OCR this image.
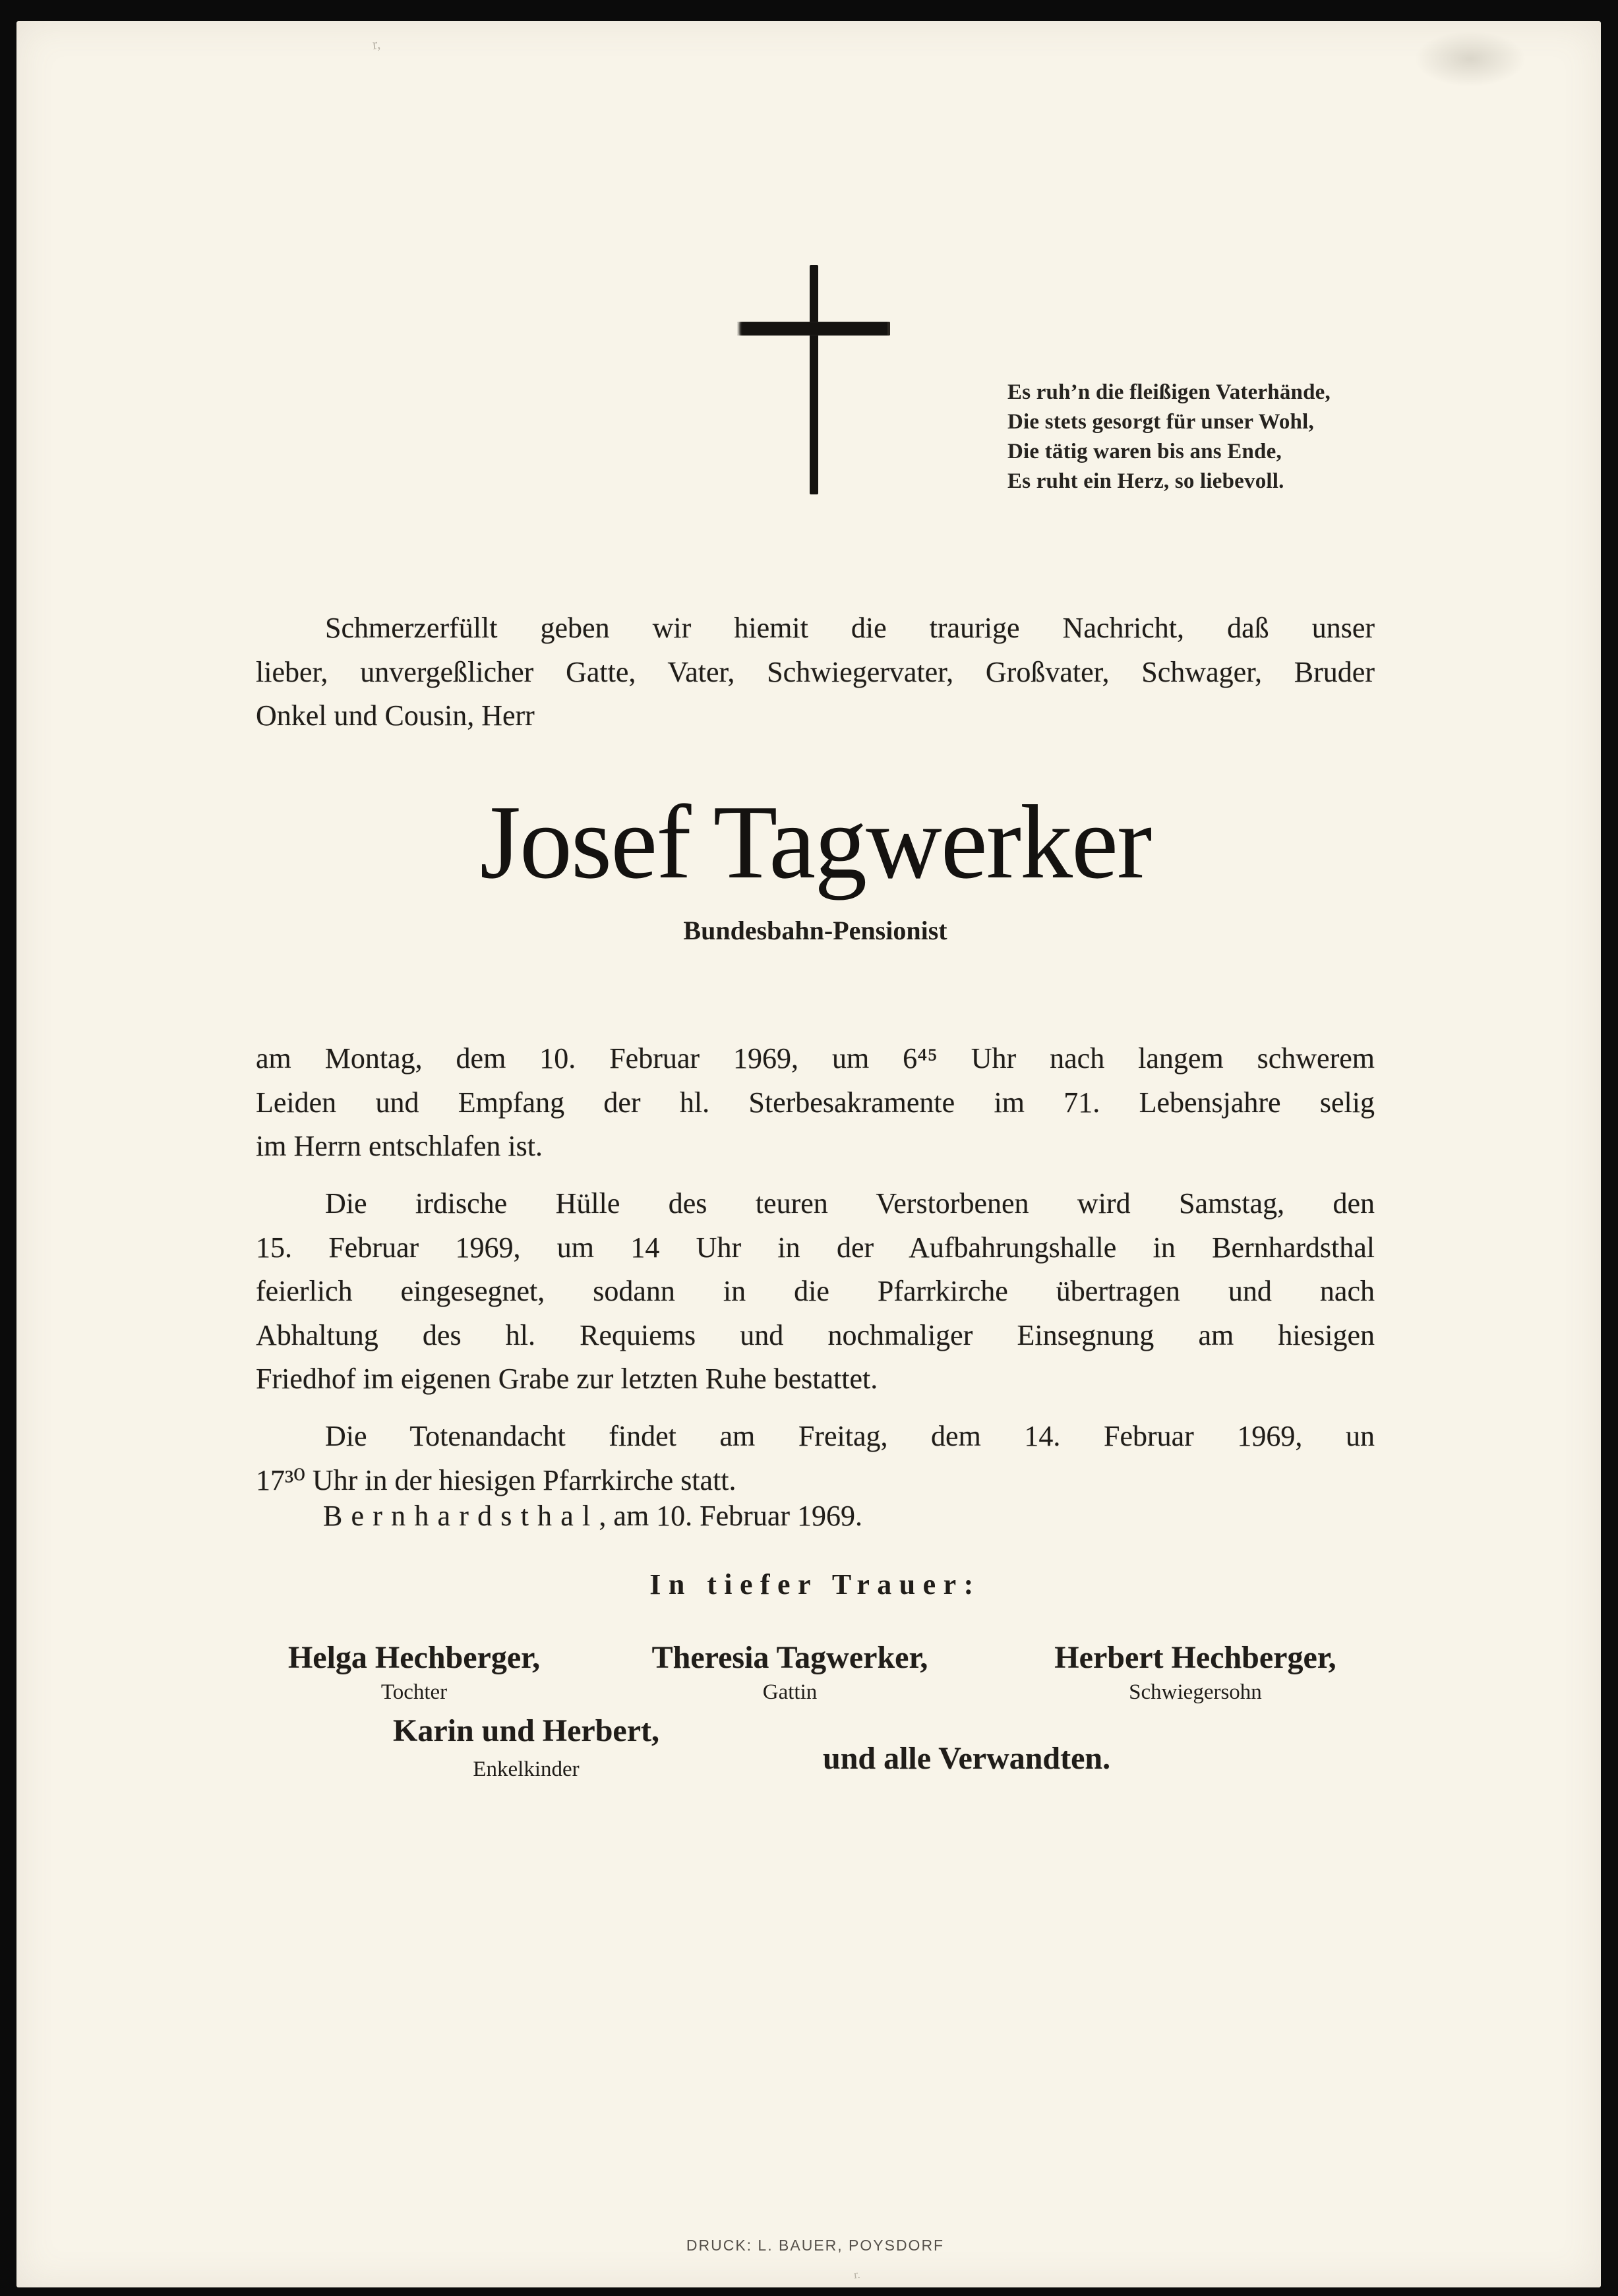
r,
Es ruh’n die fleißigen Vaterhände,
Die stets gesorgt für unser Wohl,
Die tätig waren bis ans Ende,
Es ruht ein Herz, so liebevoll.
Schmerzerfüllt geben wir hiemit die traurige Nachricht, daß unser
lieber, unvergeßlicher Gatte, Vater, Schwiegervater, Großvater, Schwager, Bruder
Onkel und Cousin, Herr
Josef Tagwerker
Bundesbahn-Pensionist
am Montag, dem 10. Februar 1969, um 6⁴⁵ Uhr nach langem schwerem
Leiden und Empfang der hl. Sterbesakramente im 71. Lebensjahre selig
im Herrn entschlafen ist.
Die irdische Hülle des teuren Verstorbenen wird Samstag, den
15. Februar 1969, um 14 Uhr in der Aufbahrungshalle in Bernhardsthal
feierlich eingesegnet, sodann in die Pfarrkirche übertragen und nach
Abhaltung des hl. Requiems und nochmaliger Einsegnung am hiesigen
Friedhof im eigenen Grabe zur letzten Ruhe bestattet.
Die Totenandacht findet am Freitag, dem 14. Februar 1969, un
17³⁰ Uhr in der hiesigen Pfarrkirche statt.
Bernhardsthal, am 10. Februar 1969.
In tiefer Trauer:
Helga Hechberger,
Tochter
Theresia Tagwerker,
Gattin
Herbert Hechberger,
Schwiegersohn
Karin und Herbert,
Enkelkinder	und alle Verwandten.
DRUCK: L. BAUER, POYSDORF
r.
